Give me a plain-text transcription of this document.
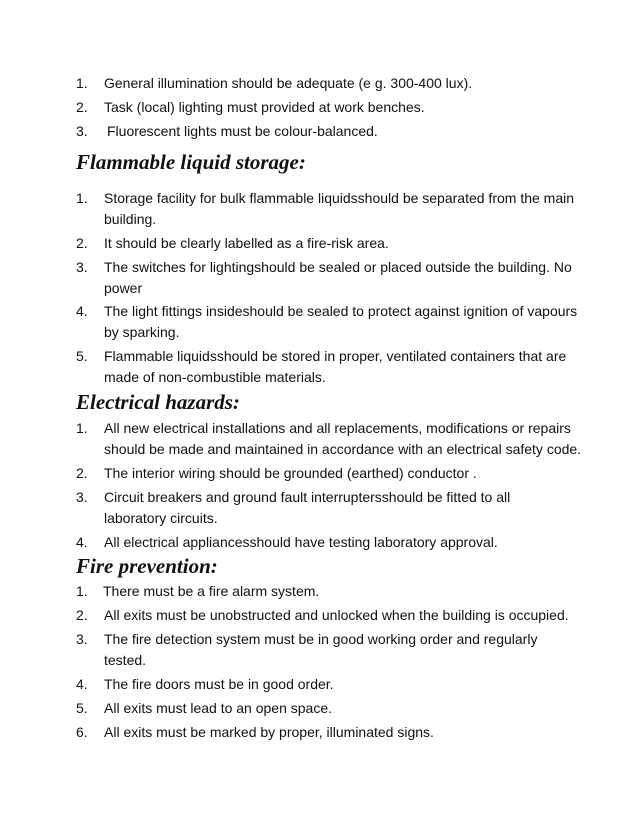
1. General illumination should be adequate (e g. 300-400 lux).
2. Task (local) lighting must provided at work benches.
3. Fluorescent lights must be colour-balanced.
Flammable liquid storage:
1. Storage facility for bulk flammable liquidsshould be separated from the main
building.
2. It should be clearly labelled as a fire-risk area.
3. The switches for lightingshould be sealed or placed outside the building. No
power
4. The light fittings insideshould be sealed to protect against ignition of vapours
by sparking.
5. Flammable liquidsshould be stored in proper, ventilated containers that are
made of non-combustible materials.
Electrical hazards:
1. All new electrical installations and all replacements, modifications or repairs
should be made and maintained in accordance with an electrical safety code.
2. The interior wiring should be grounded (earthed) conductor .
3. Circuit breakers and ground fault interruptersshould be fitted to all
laboratory circuits.
4. All electrical appliancesshould have testing laboratory approval.
Fire prevention:
1. There must be a fire alarm system.
2. All exits must be unobstructed and unlocked when the building is occupied.
3. The fire detection system must be in good working order and regularly
tested.
4. The fire doors must be in good order.
5. All exits must lead to an open space.
6. All exits must be marked by proper, illuminated signs.
